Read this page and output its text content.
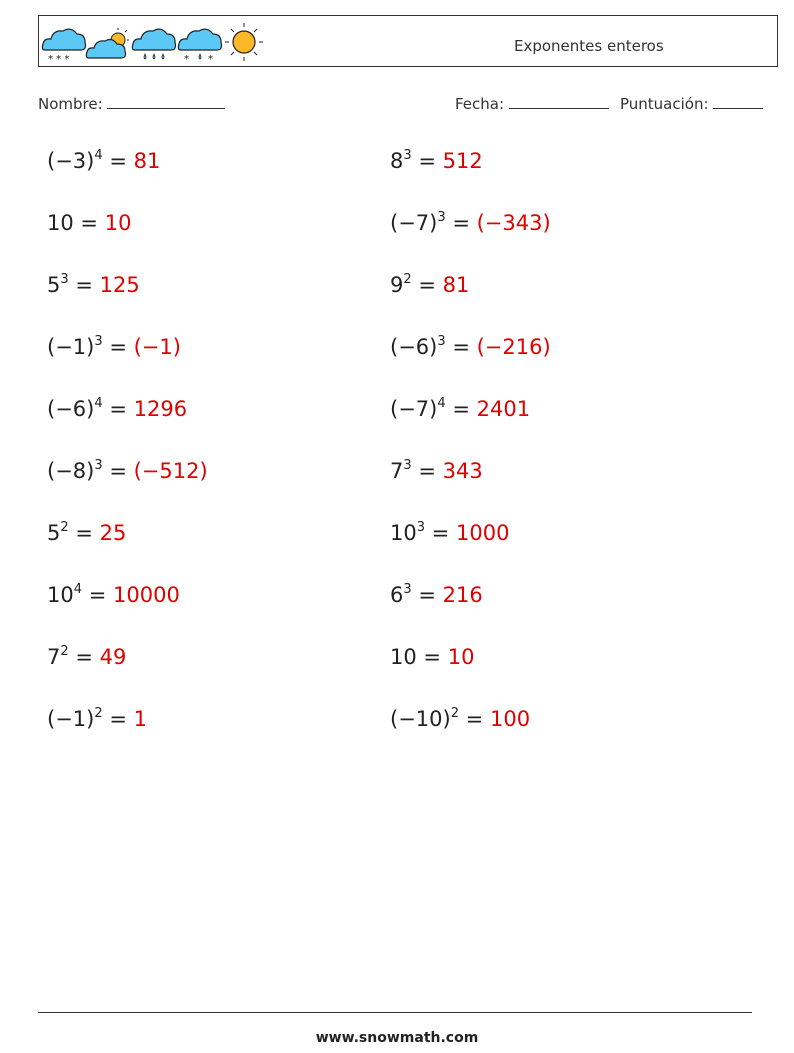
* * *	* *
Exponentes enteros
Nombre:	Fecha:	Puntuación:
$(-3)^4 = 81$	$8^3 = 512$
10 = 10	$(-7)^3 = (-343)$
$5^3 = 125$	$9^2 = 81$
$(-1)^3 = (-1)$	$(-6)^3 = (-216)$
$(-6)^4 = 1296$	$(-7)^4 = 2401$
$(-8)^3 = (-512)$	$7^3 = 343$
$5^2 = 25$	$10^3 = 1000$
$10^4 = 10000$	$6^3 = 216$
$7^2 = 49$	10 = 10
$(-1)^2 = 1$	$(-10)^2 = 100$
www.snowmath.com
